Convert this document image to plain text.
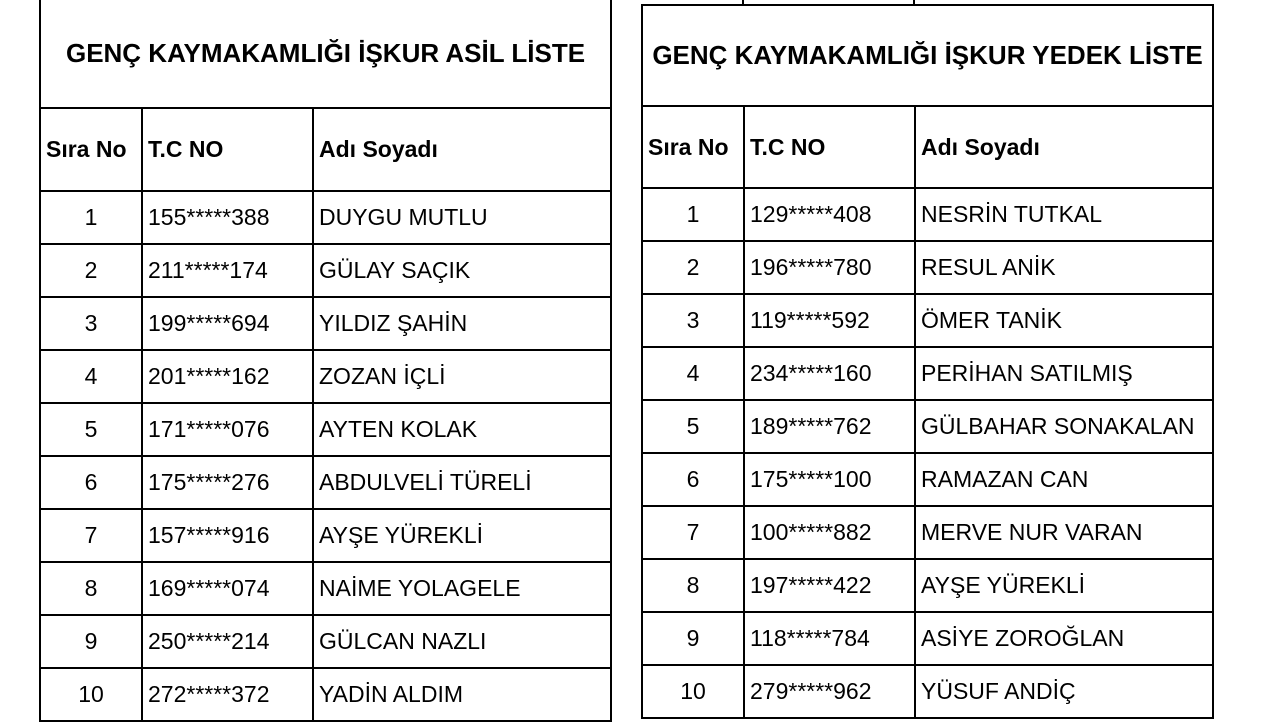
GENÇ KAYMAKAMLIĞI İŞKUR ASİL LİSTE		
Sıra No	T.C NO	Adı Soyadı
1	155*****388	DUYGU MUTLU
2	211*****174	GÜLAY SAÇIK
3	199*****694	YILDIZ ŞAHİN
4	201*****162	ZOZAN İÇLİ
5	171*****076	AYTEN KOLAK
6	175*****276	ABDULVELİ TÜRELİ
7	157*****916	AYŞE YÜREKLİ
8	169*****074	NAİME YOLAGELE
9	250*****214	GÜLCAN NAZLI
10	272*****372	YADİN ALDIM
GENÇ KAYMAKAMLIĞI İŞKUR YEDEK LİSTE		
Sıra No	T.C NO	Adı Soyadı
1	129*****408	NESRİN TUTKAL
2	196*****780	RESUL ANİK
3	119*****592	ÖMER TANİK
4	234*****160	PERİHAN SATILMIŞ
5	189*****762	GÜLBAHAR SONAKALAN
6	175*****100	RAMAZAN CAN
7	100*****882	MERVE NUR VARAN
8	197*****422	AYŞE YÜREKLİ
9	118*****784	ASİYE ZOROĞLAN
10	279*****962	YÜSUF ANDİÇ
